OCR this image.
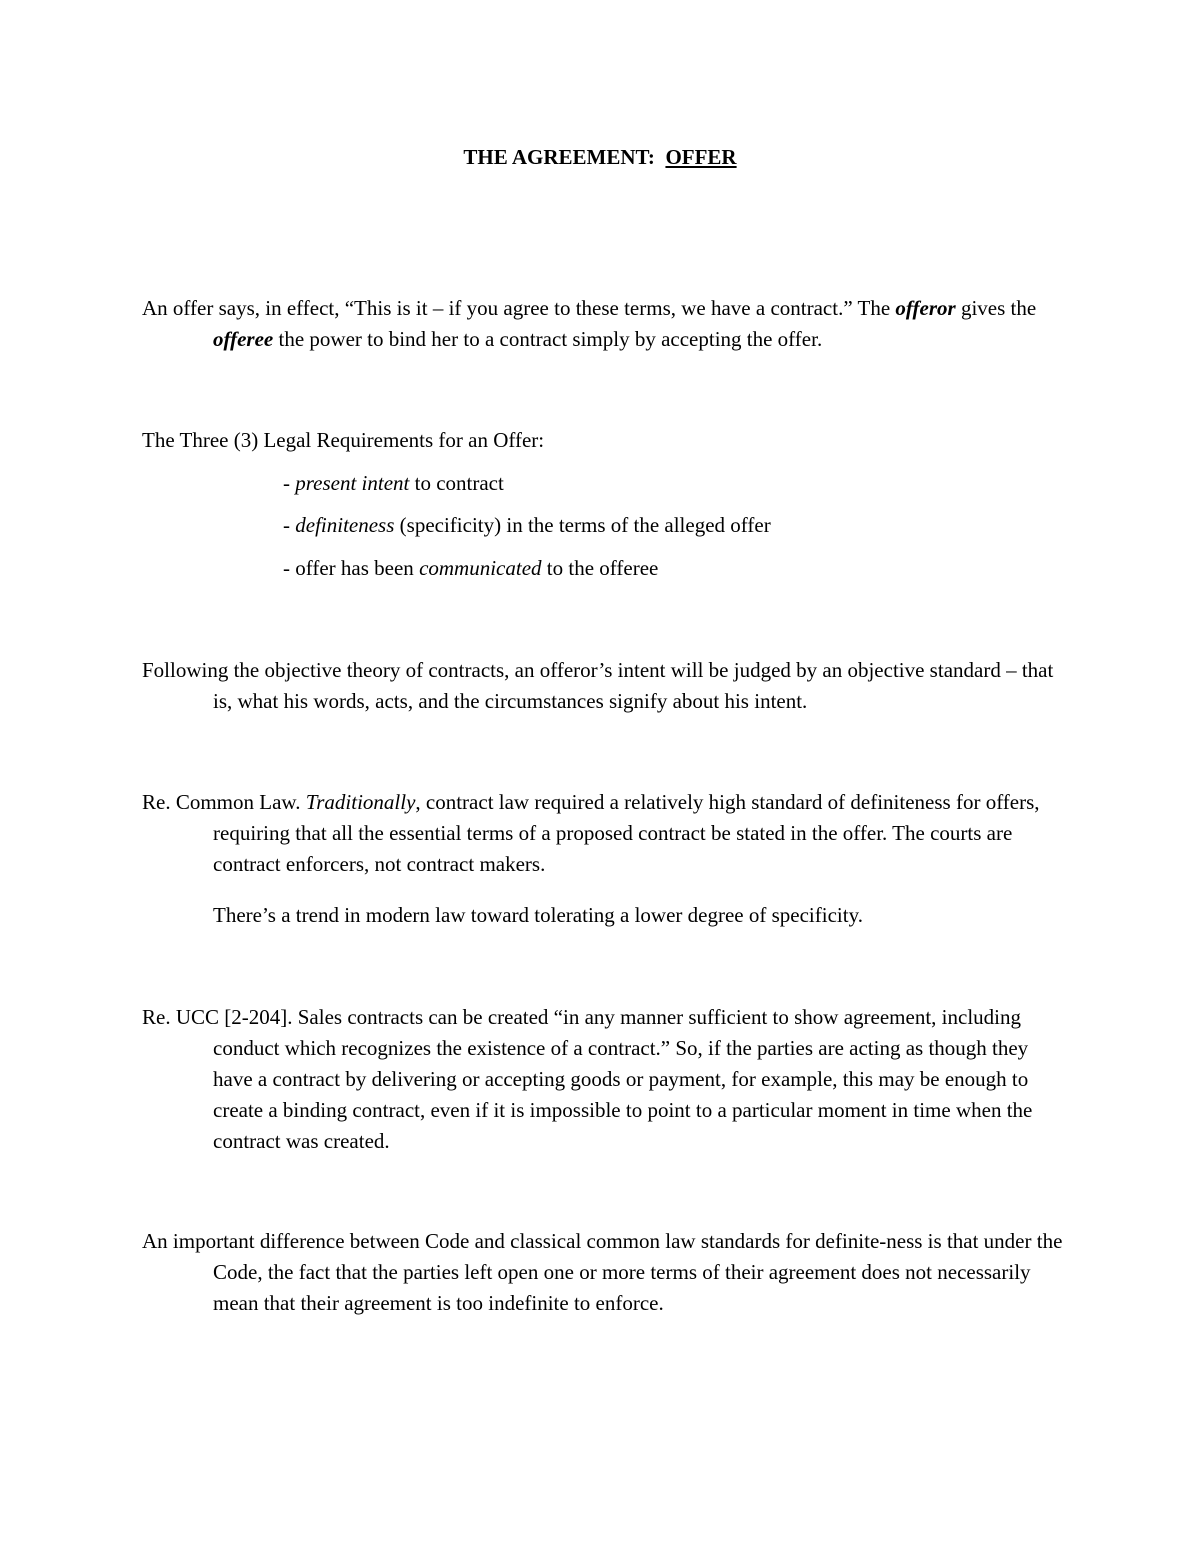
THE AGREEMENT: OFFER

An offer says, in effect, “This is it – if you agree to these terms, we have a contract.” The offeror gives the offeree the power to bind her to a contract simply by accepting the offer.

The Three (3) Legal Requirements for an Offer:

- present intent to contract

- definiteness (specificity) in the terms of the alleged offer

- offer has been communicated to the offeree

Following the objective theory of contracts, an offeror’s intent will be judged by an objective standard – that is, what his words, acts, and the circumstances signify about his intent.

Re. Common Law. Traditionally, contract law required a relatively high standard of definiteness for offers, requiring that all the essential terms of a proposed contract be stated in the offer. The courts are contract enforcers, not contract makers.

There’s a trend in modern law toward tolerating a lower degree of specificity.

Re. UCC [2-204]. Sales contracts can be created “in any manner sufficient to show agreement, including conduct which recognizes the existence of a contract.” So, if the parties are acting as though they have a contract by delivering or accepting goods or payment, for example, this may be enough to create a binding contract, even if it is impossible to point to a particular moment in time when the contract was created.

An important difference between Code and classical common law standards for definite-ness is that under the Code, the fact that the parties left open one or more terms of their agreement does not necessarily mean that their agreement is too indefinite to enforce.
